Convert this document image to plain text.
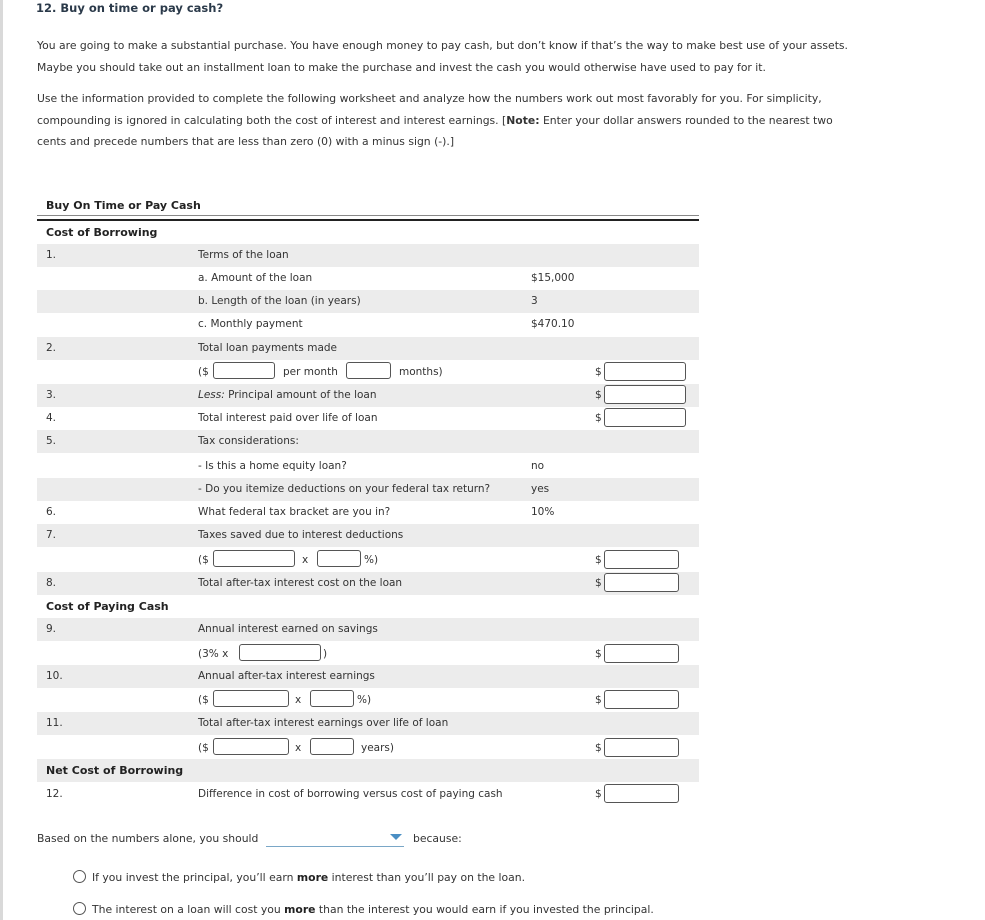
12. Buy on time or pay cash?
You are going to make a substantial purchase. You have enough money to pay cash, but don’t know if that’s the way to make best use of your assets.
Maybe you should take out an installment loan to make the purchase and invest the cash you would otherwise have used to pay for it.
Use the information provided to complete the following worksheet and analyze how the numbers work out most favorably for you. For simplicity,
compounding is ignored in calculating both the cost of interest and interest earnings. [Note: Enter your dollar answers rounded to the nearest two
cents and precede numbers that are less than zero (0) with a minus sign (-).]
Buy On Time or Pay Cash
Cost of Borrowing
1.	Terms of the loan
a. Amount of the loan	$15,000
b. Length of the loan (in years)	3
c. Monthly payment	$470.10
2.	Total loan payments made
($	per month	months)	$
3.	Less: Principal amount of the loan	$
4.	Total interest paid over life of loan	$
5.	Tax considerations:
- Is this a home equity loan?	no
- Do you itemize deductions on your federal tax return?	yes
6.	What federal tax bracket are you in?	10%
7.	Taxes saved due to interest deductions
($	x	%)	$
8.	Total after-tax interest cost on the loan	$
Cost of Paying Cash
9.	Annual interest earned on savings
(3% x	)	$
10.	Annual after-tax interest earnings
($	x	%)	$
11.	Total after-tax interest earnings over life of loan
($	x	years)	$
Net Cost of Borrowing
12.	Difference in cost of borrowing versus cost of paying cash	$
Based on the numbers alone, you should	because:
If you invest the principal, you’ll earn more interest than you’ll pay on the loan.
The interest on a loan will cost you more than the interest you would earn if you invested the principal.
